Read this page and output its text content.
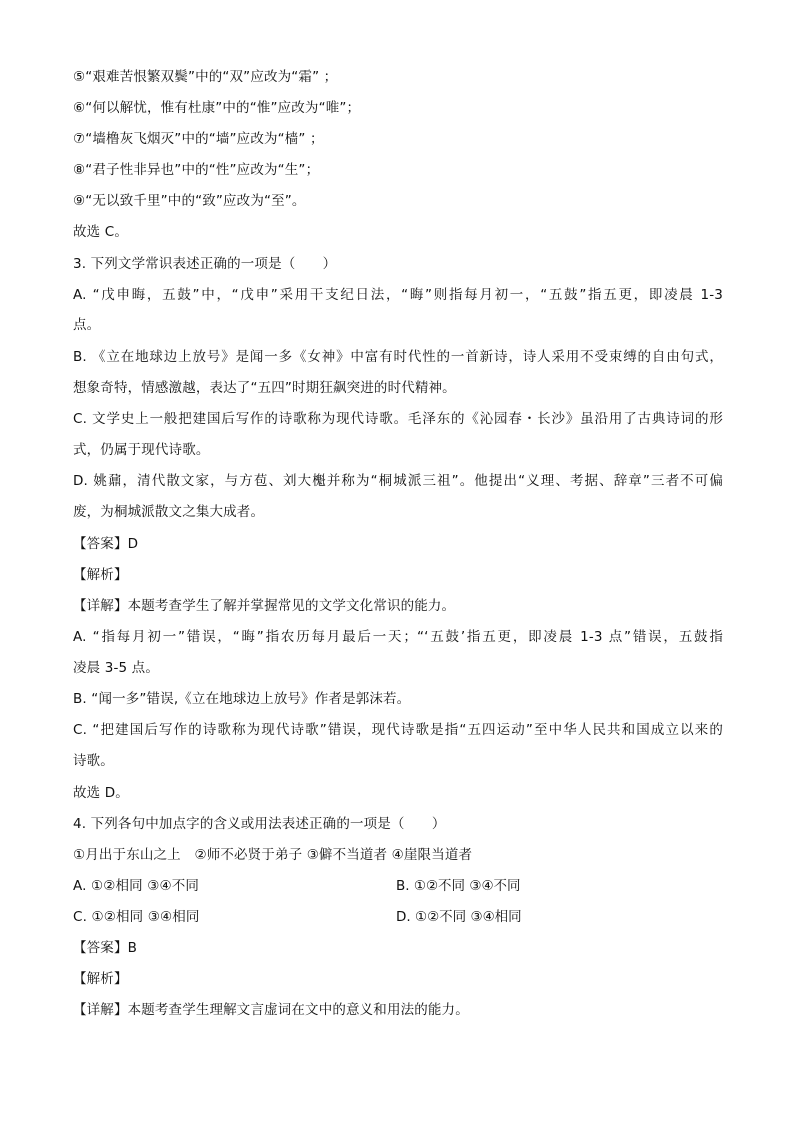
⑤“艰难苦恨繁双鬓”中的“双”应改为“霜” ；
⑥“何以解忧，惟有杜康”中的“惟”应改为“唯”；
⑦“墙橹灰飞烟灭”中的“墙”应改为“樯” ；
⑧“君子性非异也”中的“性”应改为“生”；
⑨“无以致千里”中的“致”应改为“至”。
故选 C。
3. 下列文学常识表述正确的一项是（　　）
A. “戊申晦，五鼓”中，“戊申”采用干支纪日法，“晦”则指每月初一，“五鼓”指五更，即凌晨 1-3
点。
B. 《立在地球边上放号》是闻一多《女神》中富有时代性的一首新诗，诗人采用不受束缚的自由句式，
想象奇特，情感激越，表达了“五四”时期狂飙突进的时代精神。
C. 文学史上一般把建国后写作的诗歌称为现代诗歌。毛泽东的《沁园春・长沙》虽沿用了古典诗词的形
式，仍属于现代诗歌。
D. 姚鼐，清代散文家，与方苞、刘大櫆并称为“桐城派三祖”。他提出“义理、考据、辞章”三者不可偏
废，为桐城派散文之集大成者。
【答案】D
【解析】
【详解】本题考查学生了解并掌握常见的文学文化常识的能力。
A. “指每月初一”错误，“晦”指农历每月最后一天；“‘五鼓’指五更，即凌晨 1-3 点”错误，五鼓指
凌晨 3-5 点。
B. “闻一多”错误,《立在地球边上放号》作者是郭沫若。
C. “把建国后写作的诗歌称为现代诗歌”错误，现代诗歌是指“五四运动”至中华人民共和国成立以来的
诗歌。
故选 D。
4. 下列各句中加点字的含义或用法表述正确的一项是（　　）
①月出于东山之上　②师不必贤于弟子 ③僻不当道者 ④崖限当道者
A. ①②相同 ③④不同	B. ①②不同 ③④不同
C. ①②相同 ③④相同	D. ①②不同 ③④相同
【答案】B
【解析】
【详解】本题考查学生理解文言虚词在文中的意义和用法的能力。
